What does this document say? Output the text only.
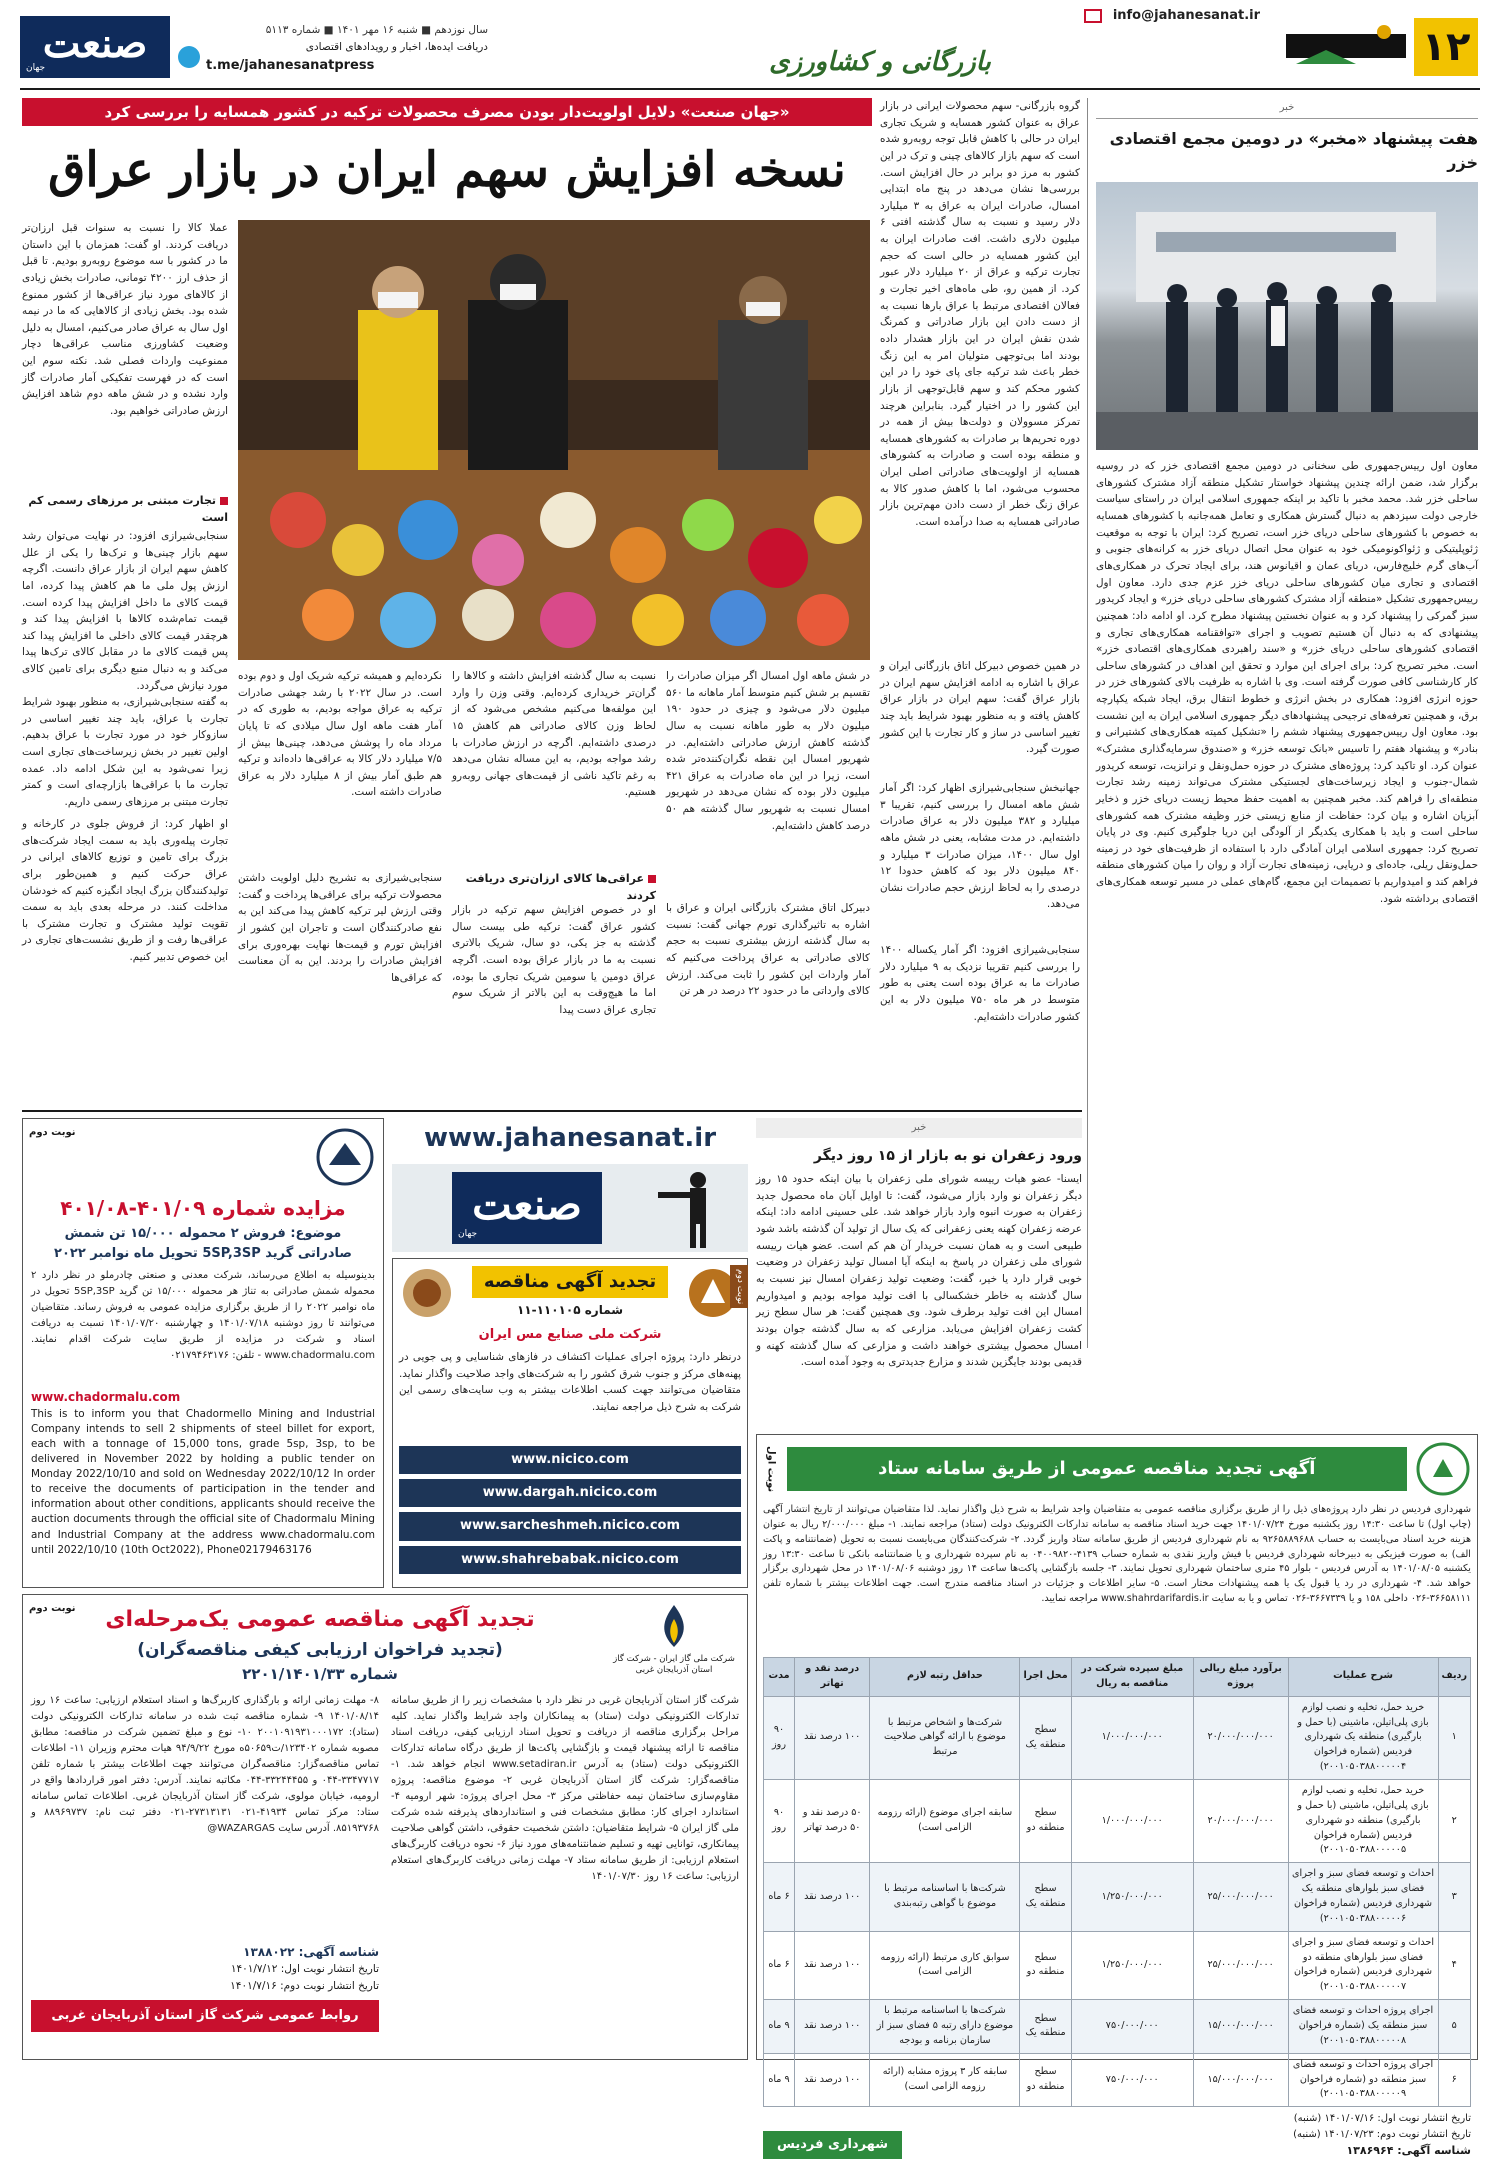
۱۲
info@jahanesanat.ir
بازرگانی و کشاورزی
دریافت ایده‌ها، اخبار و رویدادهای اقتصادی
t.me/jahanesanatpress
سال نوزدهم ■ شنبه ۱۶ مهر ۱۴۰۱ ■ شماره ۵۱۱۳
صنعت
جهان
خبر
هفت پیشنهاد «مخبر» در دومین مجمع اقتصادی خزر
معاون اول رییس‌جمهوری طی سخنانی در دومین مجمع اقتصادی خزر که در روسیه برگزار شد، ضمن ارائه چندین پیشنهاد خواستار تشکیل منطقه آزاد مشترک کشورهای ساحلی خزر شد. محمد مخبر با تاکید بر اینکه جمهوری اسلامی ایران در راستای سیاست خارجی دولت سیزدهم به دنبال گسترش همکاری و تعامل همه‌جانبه با کشورهای همسایه به خصوص با کشورهای ساحلی دریای خزر است، تصریح کرد: ایران با توجه به موقعیت ژئوپلیتیکی و ژئواکونومیکی خود به عنوان محل اتصال دریای خزر به کرانه‌های جنوبی و آب‌های گرم خلیج‌فارس، دریای عمان و اقیانوس هند، برای ایجاد تحرک در همکاری‌های اقتصادی و تجاری میان کشورهای ساحلی دریای خزر عزم جدی دارد. معاون اول رییس‌جمهوری تشکیل «منطقه آزاد مشترک کشورهای ساحلی دریای خزر» و ایجاد کریدور سبز گمرکی را پیشنهاد کرد و به عنوان نخستین پیشنهاد مطرح کرد. او ادامه داد: همچنین پیشنهادی که به دنبال آن هستیم تصویب و اجرای «توافقنامه همکاری‌های تجاری و اقتصادی کشورهای ساحلی دریای خزر» و «سند راهبردی همکاری‌های اقتصادی خزر» است. مخبر تصریح کرد: برای اجرای این موارد و تحقق این اهداف در کشورهای ساحلی کار کارشناسی کافی صورت گرفته است. وی با اشاره به ظرفیت بالای کشورهای خزر در حوزه انرژی افزود: همکاری در بخش انرژی و خطوط انتقال برق، ایجاد شبکه یکپارچه برق، و همچنین تعرفه‌های ترجیحی پیشنهادهای دیگر جمهوری اسلامی ایران به این نشست بود. معاون اول رییس‌جمهوری پیشنهاد ششم را «تشکیل کمیته همکاری‌های کشتیرانی و بنادر» و پیشنهاد هفتم را تاسیس «بانک توسعه خزر» و «صندوق سرمایه‌گذاری مشترک» عنوان کرد. او تاکید کرد: پروژه‌های مشترک در حوزه حمل‌ونقل و ترانزیت، توسعه کریدور شمال-جنوب و ایجاد زیرساخت‌های لجستیکی مشترک می‌تواند زمینه رشد تجارت منطقه‌ای را فراهم کند. مخبر همچنین به اهمیت حفظ محیط زیست دریای خزر و ذخایر آبزیان اشاره و بیان کرد: حفاظت از منابع زیستی خزر وظیفه مشترک همه کشورهای ساحلی است و باید با همکاری یکدیگر از آلودگی این دریا جلوگیری کنیم. وی در پایان تصریح کرد: جمهوری اسلامی ایران آمادگی دارد با استفاده از ظرفیت‌های خود در زمینه حمل‌ونقل ریلی، جاده‌ای و دریایی، زمینه‌های تجارت آزاد و روان را میان کشورهای منطقه فراهم کند و امیدواریم با تصمیمات این مجمع، گام‌های عملی در مسیر توسعه همکاری‌های اقتصادی برداشته شود.
«جهان صنعت» دلایل اولویت‌دار بودن مصرف محصولات ترکیه در کشور همسایه را بررسی کرد
نسخه افزایش سهم ایران در بازار عراق
گروه بازرگانی- سهم محصولات ایرانی در بازار عراق به عنوان کشور همسایه و شریک تجاری ایران در حالی با کاهش قابل توجه روبه‌رو شده است که سهم بازار کالاهای چینی و ترک در این کشور به مرز دو برابر در حال افزایش است. بررسی‌ها نشان می‌دهد در پنج ماه ابتدایی امسال، صادرات ایران به عراق به ۳ میلیارد دلار رسید و نسبت به سال گذشته افتی ۶ میلیون دلاری داشت. افت صادرات ایران به این کشور همسایه در حالی است که حجم تجارت ترکیه و عراق از ۲۰ میلیارد دلار عبور کرد. از همین رو، طی ماه‌های اخیر تجارت و فعالان اقتصادی مرتبط با عراق بارها نسبت به از دست دادن این بازار صادراتی و کمرنگ شدن نقش ایران در این بازار هشدار داده بودند اما بی‌توجهی متولیان امر به این زنگ خطر باعث شد ترکیه جای پای خود را در این کشور محکم کند و سهم قابل‌توجهی از بازار این کشور را در اختیار گیرد. بنابراین هرچند تمرکز مسوولان و دولت‌ها بیش از همه در دوره تحریم‌ها بر صادرات به کشورهای همسایه و منطقه بوده است و صادرات به کشورهای همسایه از اولویت‌های صادراتی اصلی ایران محسوب می‌شود، اما با کاهش صدور کالا به عراق زنگ خطر از دست دادن مهم‌ترین بازار صادراتی همسایه به صدا درآمده است.
در همین خصوص دبیرکل اتاق بازرگانی ایران و عراق با اشاره به ادامه افزایش سهم ایران در بازار عراق گفت: سهم ایران در بازار عراق کاهش یافته و به منظور بهبود شرایط باید چند تغییر اساسی در ساز و کار تجارت با این کشور صورت گیرد.
عملا کالا را نسبت به سنوات قبل ارزان‌تر دریافت کردند. او گفت: همزمان با این داستان ما در کشور با سه موضوع روبه‌رو بودیم. تا قبل از حذف ارز ۴۲۰۰ تومانی، صادرات بخش زیادی از کالاهای مورد نیاز عراقی‌ها از کشور ممنوع شده بود. بخش زیادی از کالاهایی که ما در نیمه اول سال به عراق صادر می‌کنیم، امسال به دلیل وضعیت کشاورزی مناسب عراقی‌ها دچار ممنوعیت واردات فصلی شد. نکته سوم این است که در فهرست تفکیکی آمار صادرات گاز وارد نشده و در شش ماهه دوم شاهد افزایش ارزش صادراتی خواهیم بود.
تجارت مبتنی بر مرزهای رسمی کم است
سنجابی‌شیرازی افزود: در نهایت می‌توان رشد سهم بازار چینی‌ها و ترک‌ها را یکی از علل کاهش سهم ایران از بازار عراق دانست. اگرچه ارزش پول ملی ما هم کاهش پیدا کرده، اما قیمت کالای ما داخل افزایش پیدا کرده است. قیمت تمام‌شده کالاها با افزایش پیدا کند و هرچقدر قیمت کالای داخلی ما افزایش پیدا کند پس قیمت کالای ما در مقابل کالای ترک‌ها پیدا می‌کند و به دنبال منبع دیگری برای تامین کالای مورد نیازش می‌گردد.
به گفته سنجابی‌شیرازی، به منظور بهبود شرایط تجارت با عراق، باید چند تغییر اساسی در سازوکار خود در مورد تجارت با عراق بدهیم. اولین تغییر در بخش زیرساخت‌های تجاری است زیرا نمی‌شود به این شکل ادامه داد. عمده تجارت ما با عراقی‌ها بازارچه‌ای است و کمتر تجارت مبتنی بر مرزهای رسمی داریم.
او اظهار کرد: از فروش جلوی در کارخانه و تجارت پیله‌وری باید به سمت ایجاد شرکت‌های بزرگ برای تامین و توزیع کالاهای ایرانی در عراق حرکت کنیم و همین‌طور برای تولیدکنندگان بزرگ ایجاد انگیزه کنیم که خودشان مداخلت کنند. در مرحله بعدی باید به سمت تقویت تولید مشترک و تجارت مشترک با عراقی‌ها رفت و از طریق نشست‌های تجاری در این خصوص تدبیر کنیم.
جهانبخش سنجابی‌شیرازی اظهار کرد: اگر آمار شش ماهه امسال را بررسی کنیم، تقریبا ۳ میلیارد و ۳۸۲ میلیون دلار به عراق صادرات داشته‌ایم. در مدت مشابه، یعنی در شش ماهه اول سال ۱۴۰۰، میزان صادرات ۳ میلیارد و ۸۴۰ میلیون دلار بود که کاهش حدودا ۱۲ درصدی را به لحاظ ارزش حجم صادرات نشان می‌دهد.
سنجابی‌شیرازی افزود: اگر آمار یکساله ۱۴۰۰ را بررسی کنیم تقریبا نزدیک به ۹ میلیارد دلار صادرات ما به عراق بوده است یعنی به طور متوسط در هر ماه ۷۵۰ میلیون دلار به این کشور صادرات داشته‌ایم.
در شش ماهه اول امسال اگر میزان صادرات را تقسیم بر شش کنیم متوسط آمار ماهانه ما ۵۶۰ میلیون دلار می‌شود و چیزی در حدود ۱۹۰ میلیون دلار به طور ماهانه نسبت به سال گذشته کاهش ارزش صادراتی داشته‌ایم. در شهریور امسال این نقطه نگران‌کننده‌تر شده است، زیرا در این ماه صادرات به عراق ۴۲۱ میلیون دلار بوده که نشان می‌دهد در شهریور امسال نسبت به شهریور سال گذشته هم ۵۰ درصد کاهش داشته‌ایم.
دبیرکل اتاق مشترک بازرگانی ایران و عراق با اشاره به تاثیرگذاری تورم جهانی گفت: نسبت به سال گذشته ارزش بیشتری نسبت به حجم کالای صادراتی به عراق پرداخت می‌کنیم که آمار واردات این کشور را ثابت می‌کند. ارزش کالای وارداتی ما در حدود ۲۲ درصد در هر تن
نسبت به سال گذشته افزایش داشته و کالاها را گران‌تر خریداری کرده‌ایم. وقتی وزن را وارد این مولفه‌ها می‌کنیم مشخص می‌شود که از لحاظ وزن کالای صادراتی هم کاهش ۱۵ درصدی داشته‌ایم. اگرچه در ارزش صادرات با رشد مواجه بودیم، به این مساله نشان می‌دهد به رغم تاکید ناشی از قیمت‌های جهانی روبه‌رو هستیم.
عراقی‌ها کالای ارزان‌تری دریافت کردند
او در خصوص افزایش سهم ترکیه در بازار کشور عراق گفت: ترکیه طی بیست سال گذشته به جز یکی، دو سال، شریک بالاتری نسبت به ما در بازار عراق بوده است. اگرچه عراق دومین یا سومین شریک تجاری ما بوده، اما ما هیچ‌وقت به این بالاتر از شریک سوم تجاری عراق دست پیدا
نکرده‌ایم و همیشه ترکیه شریک اول و دوم بوده است. در سال ۲۰۲۲ با رشد جهشی صادرات ترکیه به عراق مواجه بودیم، به طوری که در آمار هفت ماهه اول سال میلادی که تا پایان مرداد ماه را پوشش می‌دهد، چینی‌ها بیش از ۷/۵ میلیارد دلار کالا به عراقی‌ها داده‌اند و ترکیه هم طبق آمار بیش از ۸ میلیارد دلار به عراق صادرات داشته است.
سنجابی‌شیرازی به تشریح دلیل اولویت داشتن محصولات ترکیه برای عراقی‌ها پرداخت و گفت: وقتی ارزش لیر ترکیه کاهش پیدا می‌کند این به نفع صادرکنندگان است و تاجران این کشور از افزایش تورم و قیمت‌ها نهایت بهره‌وری برای افزایش صادرات را بردند. این به آن معناست که عراقی‌ها
خبر
ورود زعفران نو به بازار از ۱۵ روز دیگر
ایسنا- عضو هیات رییسه شورای ملی زعفران با بیان اینکه حدود ۱۵ روز دیگر زعفران نو وارد بازار می‌شود، گفت: تا اوایل آبان ماه محصول جدید زعفران به صورت انبوه وارد بازار خواهد شد. علی حسینی ادامه داد: اینکه عرضه زعفران کهنه یعنی زعفرانی که یک سال از تولید آن گذشته باشد شود طبیعی است و به همان نسبت خریدار آن هم کم است. عضو هیات رییسه شورای ملی زعفران در پاسخ به اینکه آیا امسال تولید زعفران در وضعیت خوبی قرار دارد یا خیر، گفت: وضعیت تولید زعفران امسال نیز نسبت به سال گذشته به خاطر خشکسالی با افت تولید مواجه بودیم و امیدواریم امسال این افت تولید برطرف شود. وی همچنین گفت: هر سال سطح زیر کشت زعفران افزایش می‌یابد. مزارعی که به سال گذشته جوان بودند امسال محصول بیشتری خواهند داشت و مزارعی که سال گذشته کهنه و قدیمی بودند جایگزین شدند و مزارع جدیدتری به وجود آمده است.
www.jahanesanat.ir
صنعت
جهان
نوبت دوم
تجدید آگهی مناقصه
شماره ۱۱۰۱۰۵-۱۱
شرکت ملی صنایع مس ایران
درنظر دارد: پروژه اجرای عملیات اکتشاف در فازهای شناسایی و پی جویی در پهنه‌های مرکز و جنوب شرق کشور را به شرکت‌های واجد صلاحیت واگذار نماید. متقاضیان می‌توانند جهت کسب اطلاعات بیشتر به وب سایت‌های رسمی این شرکت به شرح ذیل مراجعه نمایند.
www.nicico.com
www.dargah.nicico.com
www.sarcheshmeh.nicico.com
www.shahrebabak.nicico.com
نوبت دوم
مزایده شماره ۴۰۱/۰۹-۴۰۱/۰۸
موضوع: فروش ۲ محموله ۱۵/۰۰۰ تن شمش
صادراتی گرید 5SP,3SP تحویل ماه نوامبر ۲۰۲۲
بدینوسیله به اطلاع می‌رساند، شرکت معدنی و صنعتی چادرملو در نظر دارد ۲ محموله شمش صادراتی به تناژ هر محموله ۱۵/۰۰۰ تن گرید 5SP,3SP تحویل در ماه نوامبر ۲۰۲۲ را از طریق برگزاری مزایده عمومی به فروش رساند. متقاضیان می‌توانند تا روز دوشنبه ۱۴۰۱/۰۷/۱۸ و چهارشنبه ۱۴۰۱/۰۷/۲۰ نسبت به دریافت اسناد و شرکت در مزایده از طریق سایت شرکت اقدام نمایند. www.chadormalu.com - تلفن: ۰۲۱۷۹۴۶۳۱۷۶
www.chadormalu.com
This is to inform you that Chadormello Mining and Industrial Company intends to sell 2 shipments of steel billet for export, each with a tonnage of 15,000 tons, grade 5sp, 3sp, to be delivered in November 2022 by holding a public tender on Monday 2022/10/10 and sold on Wednesday 2022/10/12 In order to receive the documents of participation in the tender and information about other conditions, applicants should receive the auction documents through the official site of Chadormalu Mining and Industrial Company at the address www.chadormalu.com until 2022/10/10 (10th Oct2022), Phone02179463176
نوبت دوم
شرکت ملی گاز ایران - شرکت گاز استان آذربایجان غربی
تجدید آگهی مناقصه عمومی یک‌مرحله‌ای
(تجدید فراخوان ارزیابی کیفی مناقصه‌گران)
شماره ۲۲۰۱/۱۴۰۱/۳۳
شرکت گاز استان آذربایجان غربی در نظر دارد با مشخصات زیر را از طریق سامانه تدارکات الکترونیکی دولت (ستاد) به پیمانکاران واجد شرایط واگذار نماید. کلیه مراحل برگزاری مناقصه از دریافت و تحویل اسناد ارزیابی کیفی، دریافت اسناد مناقصه تا ارائه پیشنهاد قیمت و بازگشایی پاکت‌ها از طریق درگاه سامانه تدارکات الکترونیکی دولت (ستاد) به آدرس www.setadiran.ir انجام خواهد شد. ۱- مناقصه‌گزار: شرکت گاز استان آذربایجان غربی ۲- موضوع مناقصه: پروژه مقاوم‌سازی ساختمان نیمه حفاظتی مرکز ۳- محل اجرای پروژه: شهر ارومیه ۴- استاندارد اجرای کار: مطابق مشخصات فنی و استانداردهای پذیرفته شده شرکت ملی گاز ایران ۵- شرایط متقاضیان: داشتن شخصیت حقوقی، داشتن گواهی صلاحیت پیمانکاری، توانایی تهیه و تسلیم ضمانتنامه‌های مورد نیاز ۶- نحوه دریافت کاربرگ‌های استعلام ارزیابی: از طریق سامانه ستاد ۷- مهلت زمانی دریافت کاربرگ‌های استعلام ارزیابی: ساعت ۱۶ روز ۱۴۰۱/۰۷/۳۰
۸- مهلت زمانی ارائه و بارگذاری کاربرگ‌ها و اسناد استعلام ارزیابی: ساعت ۱۶ روز ۱۴۰۱/۰۸/۱۴ ۹- شماره مناقصه ثبت شده در سامانه تدارکات الکترونیکی دولت (ستاد): ۲۰۰۱۰۹۱۹۳۱۰۰۰۱۷۲ ۱۰- نوع و مبلغ تضمین شرکت در مناقصه: مطابق مصوبه شماره ۱۲۳۴۰۲/ت۵۰۶۵۹ه مورخ ۹۴/۹/۲۲ هیات محترم وزیران ۱۱- اطلاعات تماس مناقصه‌گزار: مناقصه‌گران می‌توانند جهت اطلاعات بیشتر با شماره تلفن ۳۳۴۷۷۱۷-۰۴۴ و ۳۳۲۴۴۴۵۵-۰۴۴ مکاتبه نمایند. آدرس: دفتر امور قراردادها واقع در ارومیه، خیابان مولوی، شرکت گاز استان آذربایجان غربی. اطلاعات تماس سامانه ستاد: مرکز تماس ۴۱۹۳۴-۰۲۱ ۲۷۳۱۳۱۳۱-۰۲۱ دفتر ثبت نام: ۸۸۹۶۹۷۳۷ و ۸۵۱۹۳۷۶۸. آدرس سایت WAZARGAS@
شناسه آگهی: ۱۳۸۸۰۲۲
تاریخ انتشار نوبت اول: ۱۴۰۱/۷/۱۲
تاریخ انتشار نوبت دوم: ۱۴۰۱/۷/۱۶
روابط عمومی شرکت گاز استان آذربایجان غربی
آگهی تجدید مناقصه عمومی از طریق سامانه ستاد
نوبت اول
شهرداری فردیس در نظر دارد پروژه‌های ذیل را از طریق برگزاری مناقصه عمومی به متقاضیان واجد شرایط به شرح ذیل واگذار نماید. لذا متقاضیان می‌توانند از تاریخ انتشار آگهی (چاپ اول) تا ساعت ۱۴:۳۰ روز یکشنبه مورخ ۱۴۰۱/۰۷/۲۴ جهت خرید اسناد مناقصه به سامانه تدارکات الکترونیک دولت (ستاد) مراجعه نمایند. ۱- مبلغ ۲/۰۰۰/۰۰۰ ریال به عنوان هزینه خرید اسناد می‌بایست به حساب ۹۲۶۵۸۸۹۶۸۸ به نام شهرداری فردیس از طریق سامانه ستاد واریز گردد. ۲- شرکت‌کنندگان می‌بایست نسبت به تحویل (ضمانتنامه و پاکت الف) به صورت فیزیکی به دبیرخانه شهرداری فردیس با فیش واریز نقدی به شماره حساب ۴۱۳۹-۰۴۰۰۹۸۲۰ به نام سپرده شهرداری و یا ضمانتنامه بانکی تا ساعت ۱۳:۳۰ روز یکشنبه ۱۴۰۱/۰۸/۰۵ به آدرس فردیس - بلوار ۴۵ متری ساختمان شهرداری تحویل نمایند. ۳- جلسه بازگشایی پاکت‌ها ساعت ۱۴ روز دوشنبه ۱۴۰۱/۰۸/۰۶ در محل شهرداری برگزار خواهد شد. ۴- شهرداری در رد یا قبول یک یا همه پیشنهادات مختار است. ۵- سایر اطلاعات و جزئیات در اسناد مناقصه مندرج است. جهت اطلاعات بیشتر با شماره تلفن ۳۶۶۵۸۱۱۱-۰۲۶ داخلی ۱۵۸ و یا ۳۶۶۷۳۳۹-۰۲۶ تماس و یا به سایت www.shahrdarifardis.ir مراجعه نمایید.
ردیف	شرح عملیات	برآورد مبلغ ریالی پروژه	مبلغ سپرده شرکت در مناقصه به ریال	محل اجرا	حداقل رتبه لازم	درصد نقد و تهاتر	مدت
۱	خرید حمل، تخلیه و نصب لوازم بازی پلی‌اتیلن، ماشینی (با حمل و بارگیری) منطقه یک شهرداری فردیس (شماره فراخوان ۲۰۰۱۰۵۰۳۸۸۰۰۰۰۰۴)	۲۰/۰۰۰/۰۰۰/۰۰۰	۱/۰۰۰/۰۰۰/۰۰۰	سطح منطقه یک	شرکت‌ها و اشخاص مرتبط با موضوع با ارائه گواهی صلاحیت مرتبط	۱۰۰ درصد نقد	۹۰ روز
۲	خرید حمل، تخلیه و نصب لوازم بازی پلی‌اتیلن، ماشینی (با حمل و بارگیری) منطقه دو شهرداری فردیس (شماره فراخوان ۲۰۰۱۰۵۰۳۸۸۰۰۰۰۰۵)	۲۰/۰۰۰/۰۰۰/۰۰۰	۱/۰۰۰/۰۰۰/۰۰۰	سطح منطقه دو	سابقه اجرای موضوع (ارائه رزومه الزامی است)	۵۰ درصد نقد و ۵۰ درصد تهاتر	۹۰ روز
۳	احداث و توسعه فضای سبز و اجرای فضای سبز بلوارهای منطقه یک شهرداری فردیس (شماره فراخوان ۲۰۰۱۰۵۰۳۸۸۰۰۰۰۰۶)	۲۵/۰۰۰/۰۰۰/۰۰۰	۱/۲۵۰/۰۰۰/۰۰۰	سطح منطقه یک	شرکت‌ها با اساسنامه مرتبط با موضوع با گواهی رتبه‌بندی	۱۰۰ درصد نقد	۶ ماه
۴	احداث و توسعه فضای سبز و اجرای فضای سبز بلوارهای منطقه دو شهرداری فردیس (شماره فراخوان ۲۰۰۱۰۵۰۳۸۸۰۰۰۰۰۷)	۲۵/۰۰۰/۰۰۰/۰۰۰	۱/۲۵۰/۰۰۰/۰۰۰	سطح منطقه دو	سوابق کاری مرتبط (ارائه رزومه الزامی است)	۱۰۰ درصد نقد	۶ ماه
۵	اجرای پروژه احداث و توسعه فضای سبز منطقه یک (شماره فراخوان ۲۰۰۱۰۵۰۳۸۸۰۰۰۰۰۸)	۱۵/۰۰۰/۰۰۰/۰۰۰	۷۵۰/۰۰۰/۰۰۰	سطح منطقه یک	شرکت‌ها با اساسنامه مرتبط با موضوع دارای رتبه ۵ فضای سبز از سازمان برنامه و بودجه	۱۰۰ درصد نقد	۹ ماه
۶	اجرای پروژه احداث و توسعه فضای سبز منطقه دو (شماره فراخوان ۲۰۰۱۰۵۰۳۸۸۰۰۰۰۰۹)	۱۵/۰۰۰/۰۰۰/۰۰۰	۷۵۰/۰۰۰/۰۰۰	سطح منطقه دو	سابقه کار ۳ پروژه مشابه (ارائه رزومه الزامی است)	۱۰۰ درصد نقد	۹ ماه
تاریخ انتشار نوبت اول: ۱۴۰۱/۰۷/۱۶ (شنبه)
تاریخ انتشار نوبت دوم: ۱۴۰۱/۰۷/۲۳ (شنبه)
شناسه آگهی: ۱۳۸۶۹۶۴
شهرداری فردیس
